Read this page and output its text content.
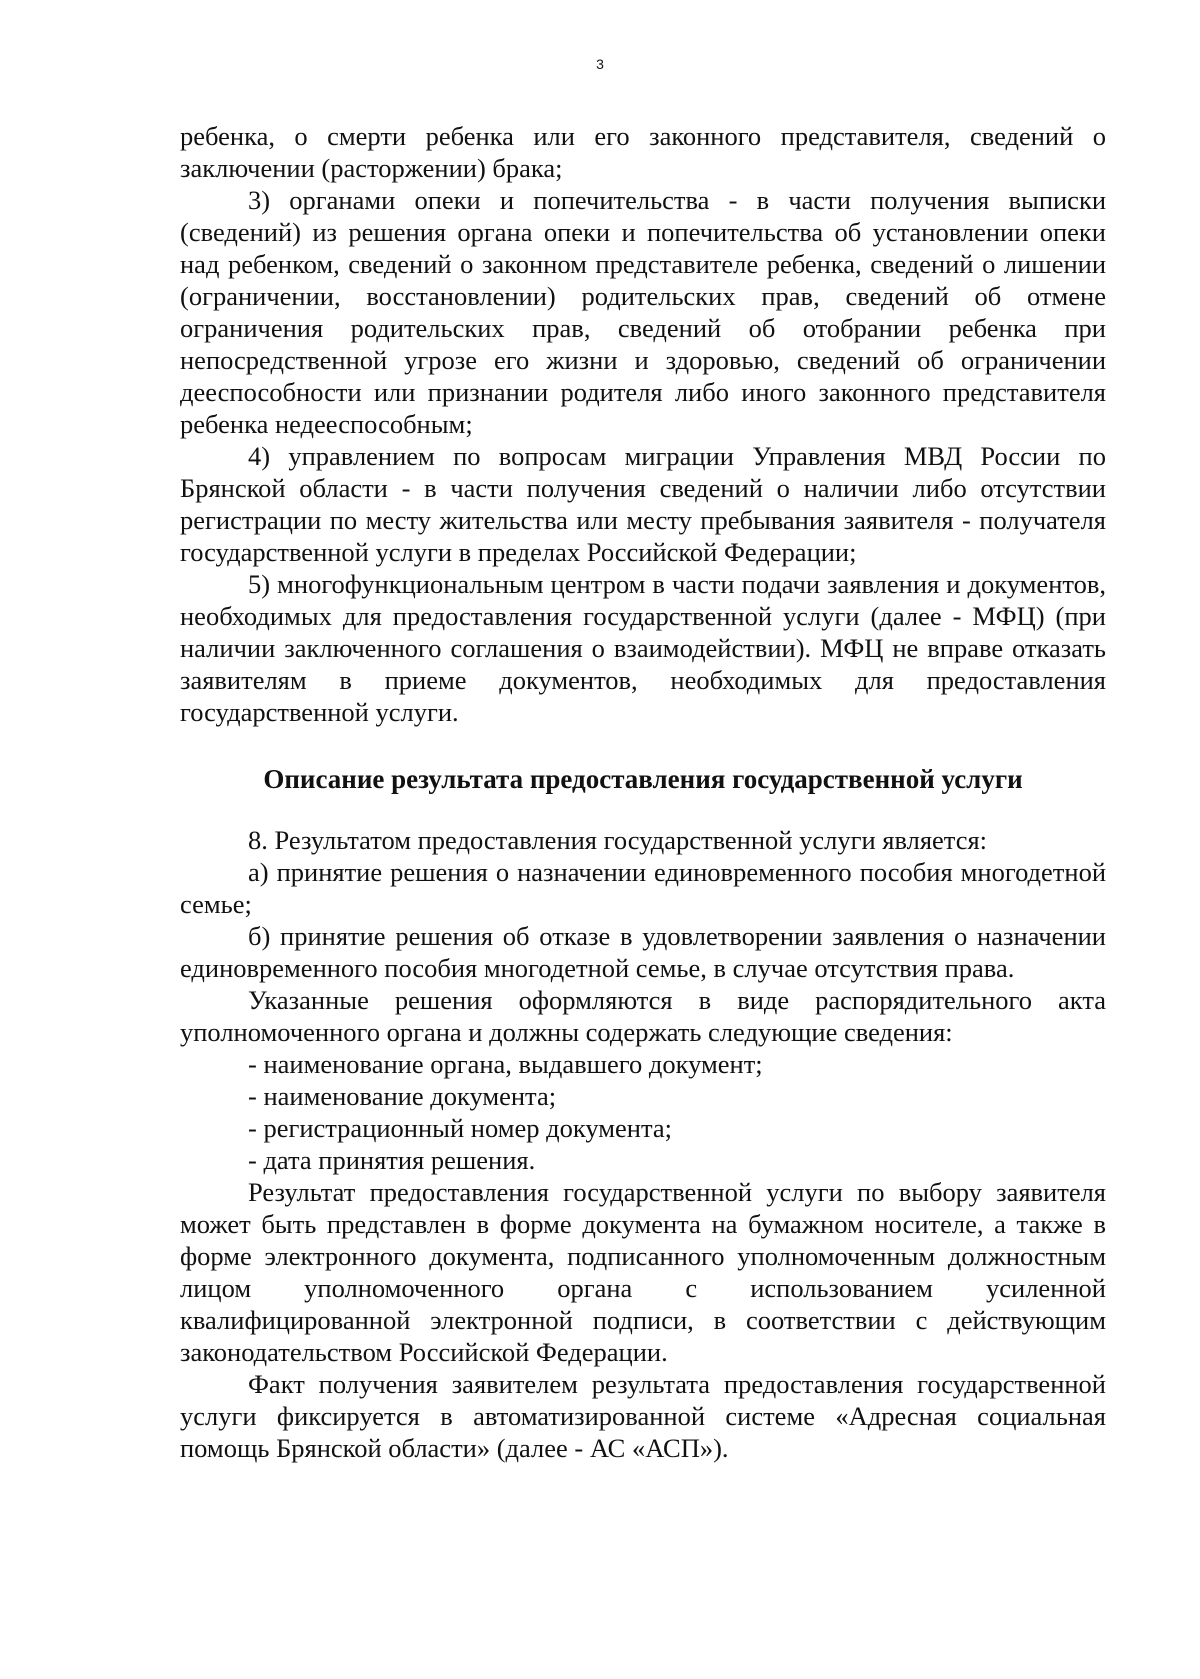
3

ребенка, о смерти ребенка или его законного представителя, сведений о заключении (расторжении) брака;

3) органами опеки и попечительства - в части получения выписки (сведений) из решения органа опеки и попечительства об установлении опеки над ребенком, сведений о законном представителе ребенка, сведений о лишении (ограничении, восстановлении) родительских прав, сведений об отмене ограничения родительских прав, сведений об отобрании ребенка при непосредственной угрозе его жизни и здоровью, сведений об ограничении дееспособности или признании родителя либо иного законного представителя ребенка недееспособным;

4) управлением по вопросам миграции Управления МВД России по Брянской области - в части получения сведений о наличии либо отсутствии регистрации по месту жительства или месту пребывания заявителя - получателя государственной услуги в пределах Российской Федерации;

5) многофункциональным центром в части подачи заявления и документов, необходимых для предоставления государственной услуги (далее - МФЦ) (при наличии заключенного соглашения о взаимодействии). МФЦ не вправе отказать заявителям в приеме документов, необходимых для предоставления государственной услуги.

Описание результата предоставления государственной услуги

8. Результатом предоставления государственной услуги является:

а) принятие решения о назначении единовременного пособия многодетной семье;

б) принятие решения об отказе в удовлетворении заявления о назначении единовременного пособия многодетной семье, в случае отсутствия права.

Указанные решения оформляются в виде распорядительного акта уполномоченного органа и должны содержать следующие сведения:

- наименование органа, выдавшего документ;

- наименование документа;

- регистрационный номер документа;

- дата принятия решения.

Результат предоставления государственной услуги по выбору заявителя может быть представлен в форме документа на бумажном носителе, а также в форме электронного документа, подписанного уполномоченным должностным лицом уполномоченного органа с использованием усиленной квалифицированной электронной подписи, в соответствии с действующим законодательством Российской Федерации.

Факт получения заявителем результата предоставления государственной услуги фиксируется в автоматизированной системе «Адресная социальная помощь Брянской области» (далее - АС «АСП»).
